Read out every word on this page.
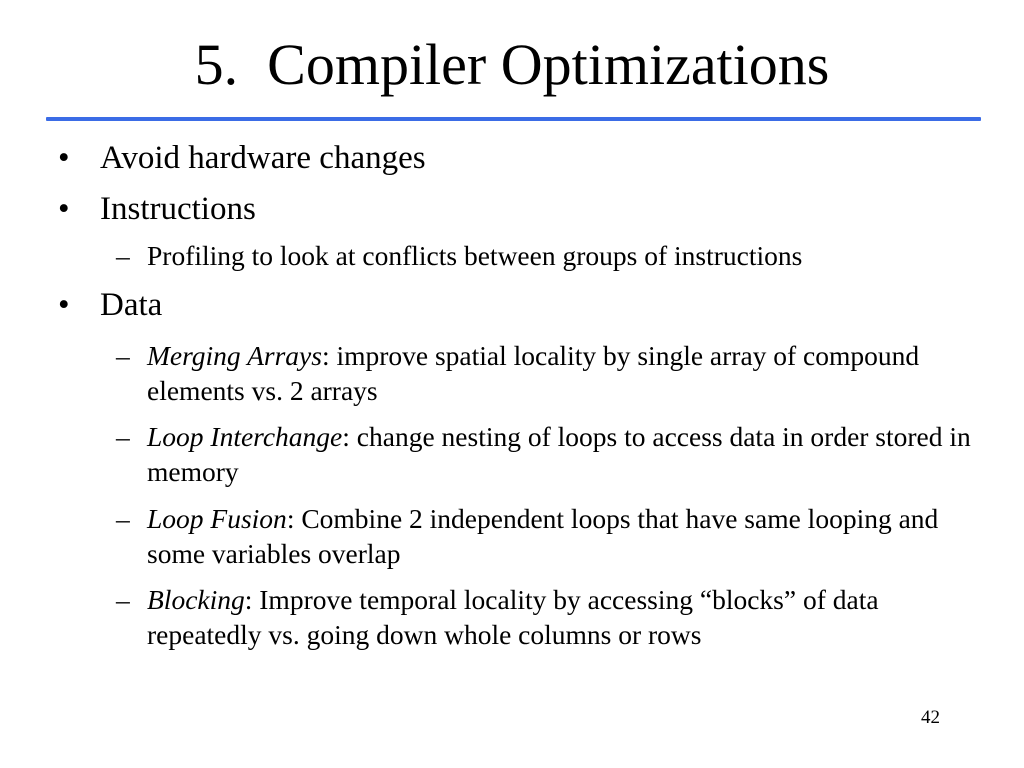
5.  Compiler Optimizations
• Avoid hardware changes
• Instructions
– Profiling to look at conflicts between groups of instructions
• Data
– Merging Arrays: improve spatial locality by single array of compound elements vs. 2 arrays
– Loop Interchange: change nesting of loops to access data in order stored in memory
– Loop Fusion: Combine 2 independent loops that have same looping and some variables overlap
– Blocking: Improve temporal locality by accessing “blocks” of data repeatedly vs. going down whole columns or rows
42
